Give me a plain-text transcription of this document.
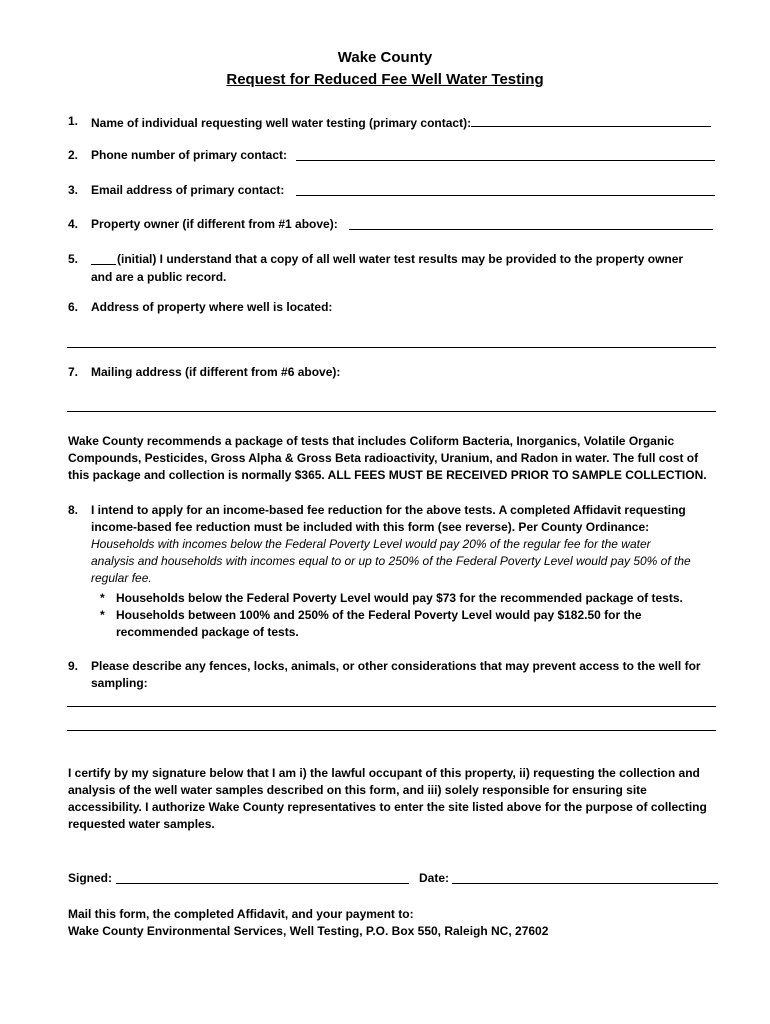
Wake County
Request for Reduced Fee Well Water Testing
1.	Name of individual requesting well water testing (primary contact):
2.	Phone number of primary contact:
3.	Email address of primary contact:
4.	Property owner (if different from #1 above):
5.	(initial) I understand that a copy of all well water test results may be provided to the property owner
and are a public record.
6.	Address of property where well is located:
7.	Mailing address (if different from #6 above):
Wake County recommends a package of tests that includes Coliform Bacteria, Inorganics, Volatile Organic
Compounds, Pesticides, Gross Alpha & Gross Beta radioactivity, Uranium, and Radon in water. The full cost of
this package and collection is normally $365. ALL FEES MUST BE RECEIVED PRIOR TO SAMPLE COLLECTION.
8.	I intend to apply for an income-based fee reduction for the above tests. A completed Affidavit requesting
income-based fee reduction must be included with this form (see reverse). Per County Ordinance:
Households with incomes below the Federal Poverty Level would pay 20% of the regular fee for the water
analysis and households with incomes equal to or up to 250% of the Federal Poverty Level would pay 50% of the
regular fee.
* Households below the Federal Poverty Level would pay $73 for the recommended package of tests.
* Households between 100% and 250% of the Federal Poverty Level would pay $182.50 for the
recommended package of tests.
9.	Please describe any fences, locks, animals, or other considerations that may prevent access to the well for
sampling:
I certify by my signature below that I am i) the lawful occupant of this property, ii) requesting the collection and
analysis of the well water samples described on this form, and iii) solely responsible for ensuring site
accessibility. I authorize Wake County representatives to enter the site listed above for the purpose of collecting
requested water samples.
Signed:	Date:
Mail this form, the completed Affidavit, and your payment to:
Wake County Environmental Services, Well Testing, P.O. Box 550, Raleigh NC, 27602
